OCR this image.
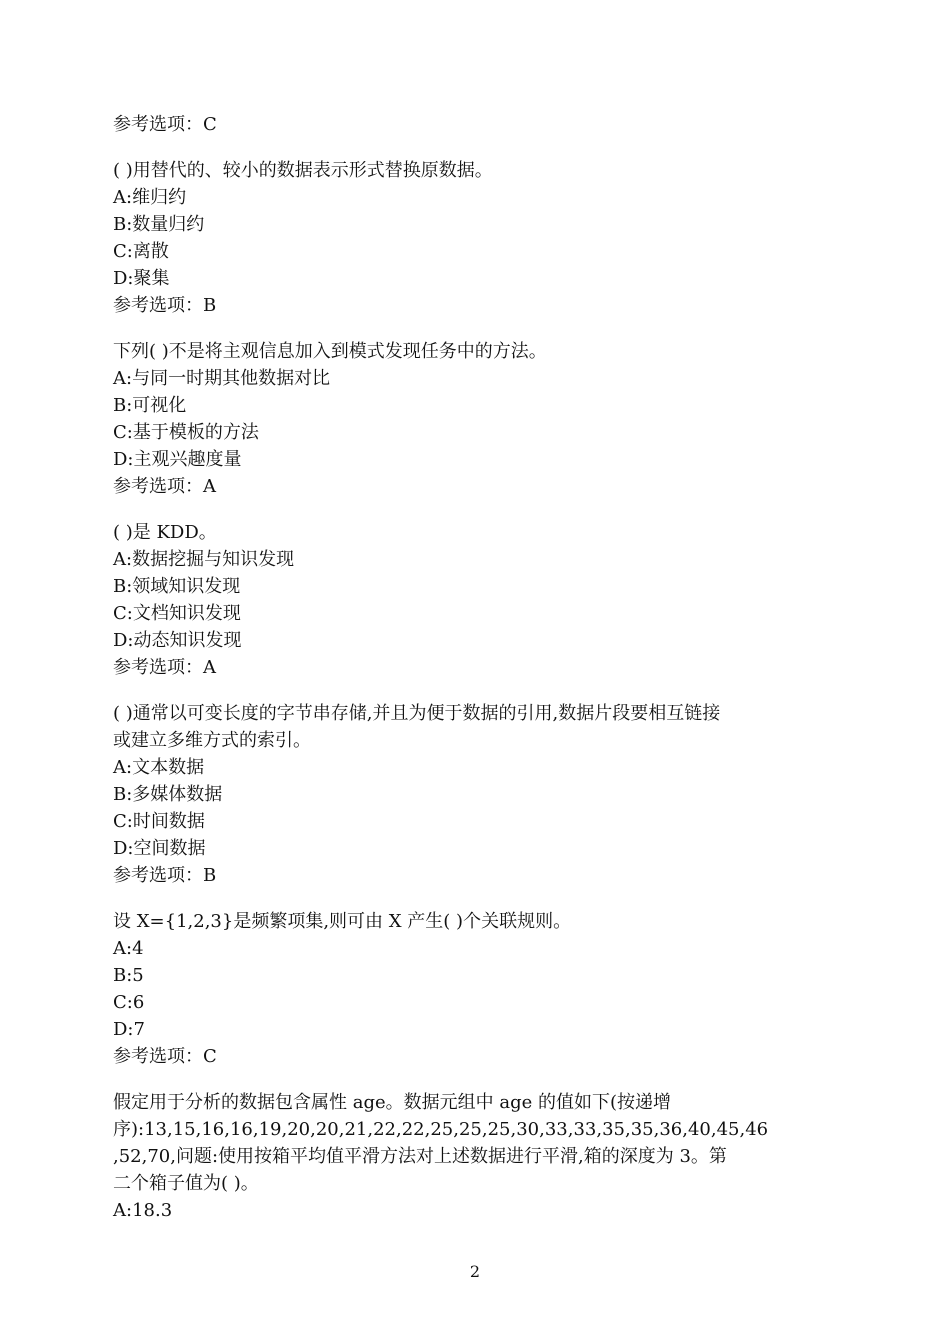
参考选项：C
( )用替代的、较小的数据表示形式替换原数据。
A:维归约
B:数量归约
C:离散
D:聚集
参考选项：B
下列( )不是将主观信息加入到模式发现任务中的方法。
A:与同一时期其他数据对比
B:可视化
C:基于模板的方法
D:主观兴趣度量
参考选项：A
( )是 KDD。
A:数据挖掘与知识发现
B:领域知识发现
C:文档知识发现
D:动态知识发现
参考选项：A
( )通常以可变长度的字节串存储,并且为便于数据的引用,数据片段要相互链接
或建立多维方式的索引。
A:文本数据
B:多媒体数据
C:时间数据
D:空间数据
参考选项：B
设 X={1,2,3}是频繁项集,则可由 X 产生( )个关联规则。
A:4
B:5
C:6
D:7
参考选项：C
假定用于分析的数据包含属性 age。数据元组中 age 的值如下(按递增
序):13,15,16,16,19,20,20,21,22,22,25,25,25,30,33,33,35,35,36,40,45,46
,52,70,问题:使用按箱平均值平滑方法对上述数据进行平滑,箱的深度为 3。第
二个箱子值为( )。
A:18.3
2
